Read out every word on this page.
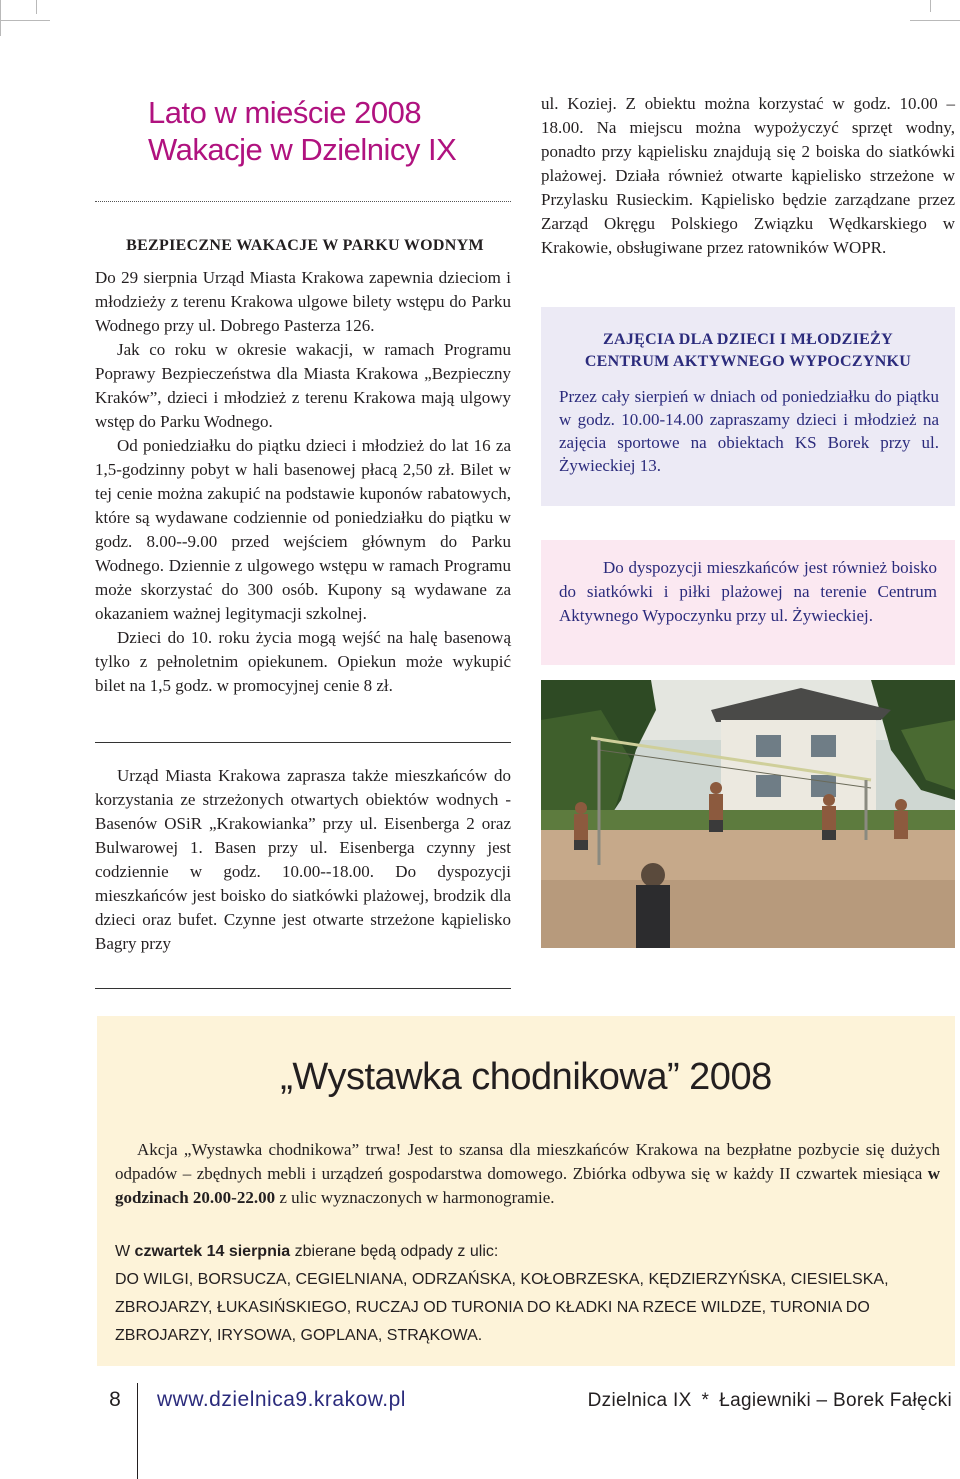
Lato w mieście 2008
Wakacje w Dzielnicy IX
BEZPIECZNE WAKACJE W PARKU WODNYM

Do 29 sierpnia Urząd Miasta Krakowa zapewnia dzieciom i młodzieży z terenu Krakowa ulgowe bilety wstępu do Parku Wodnego przy ul. Dobrego Pasterza 126.

Jak co roku w okresie wakacji, w ramach Programu Poprawy Bezpieczeństwa dla Miasta Krakowa „Bezpieczny Kraków”, dzieci i młodzież z terenu Krakowa mają ulgowy wstęp do Parku Wodnego.

Od poniedziałku do piątku dzieci i młodzież do lat 16 za 1,5-godzinny pobyt w hali basenowej płacą 2,50 zł. Bilet w tej cenie można zakupić na podstawie kuponów rabatowych, które są wydawane codziennie od poniedziałku do piątku w godz. 8.00--9.00 przed wejściem głównym do Parku Wodnego. Dziennie z ulgowego wstępu w ramach Programu może skorzystać do 300 osób. Kupony są wydawane za okazaniem ważnej legitymacji szkolnej.

Dzieci do 10. roku życia mogą wejść na halę basenową tylko z pełnoletnim opiekunem. Opiekun może wykupić bilet na 1,5 godz. w promocyjnej cenie 8 zł.

Urząd Miasta Krakowa zaprasza także mieszkańców do korzystania ze strzeżonych otwartych obiektów wodnych - Basenów OSiR „Krakowianka” przy ul. Eisenberga 2 oraz Bulwarowej 1. Basen przy ul. Eisenberga czynny jest codziennie w godz. 10.00--18.00. Do dyspozycji mieszkańców jest boisko do siatkówki plażowej, brodzik dla dzieci oraz bufet. Czynne jest otwarte strzeżone kąpielisko Bagry przy

ul. Koziej. Z obiektu można korzystać w godz. 10.00 – 18.00. Na miejscu można wypożyczyć sprzęt wodny, ponadto przy kąpielisku znajdują się 2 boiska do siatkówki plażowej. Działa również otwarte kąpielisko strzeżone w Przylasku Rusieckim. Kąpielisko będzie zarządzane przez Zarząd Okręgu Polskiego Związku Wędkarskiego w Krakowie, obsługiwane przez ratowników WOPR.

ZAJĘCIA DLA DZIECI I MŁODZIEŻY
CENTRUM AKTYWNEGO WYPOCZYNKU

Przez cały sierpień w dniach od poniedziałku do piątku w godz. 10.00-14.00 zapraszamy dzieci i młodzież na zajęcia sportowe na obiektach KS Borek przy ul. Żywieckiej 13.

Do dyspozycji mieszkańców jest również boisko do siatkówki i piłki plażowej na terenie Centrum Aktywnego Wypoczynku przy ul. Żywieckiej.

„Wystawka chodnikowa” 2008

Akcja „Wystawka chodnikowa” trwa! Jest to szansa dla mieszkańców Krakowa na bezpłatne pozbycie się dużych odpadów – zbędnych mebli i urządzeń gospodarstwa domowego. Zbiórka odbywa się w każdy II czwartek miesiąca w godzinach 20.00-22.00 z ulic wyznaczonych w harmonogramie.

W czwartek 14 sierpnia zbierane będą odpady z ulic:

DO WILGI, BORSUCZA, CEGIELNIANA, ODRZAŃSKA, KOŁOBRZESKA, KĘDZIERZYŃSKA, CIESIELSKA, ZBROJARZY, ŁUKASIŃSKIEGO, RUCZAJ OD TURONIA DO KŁADKI NA RZECE WILDZE, TURONIA DO ZBROJARZY, IRYSOWA, GOPLANA, STRĄKOWA.

8	www.dzielnica9.krakow.pl	Dzielnica IX * Łagiewniki – Borek Fałęcki
